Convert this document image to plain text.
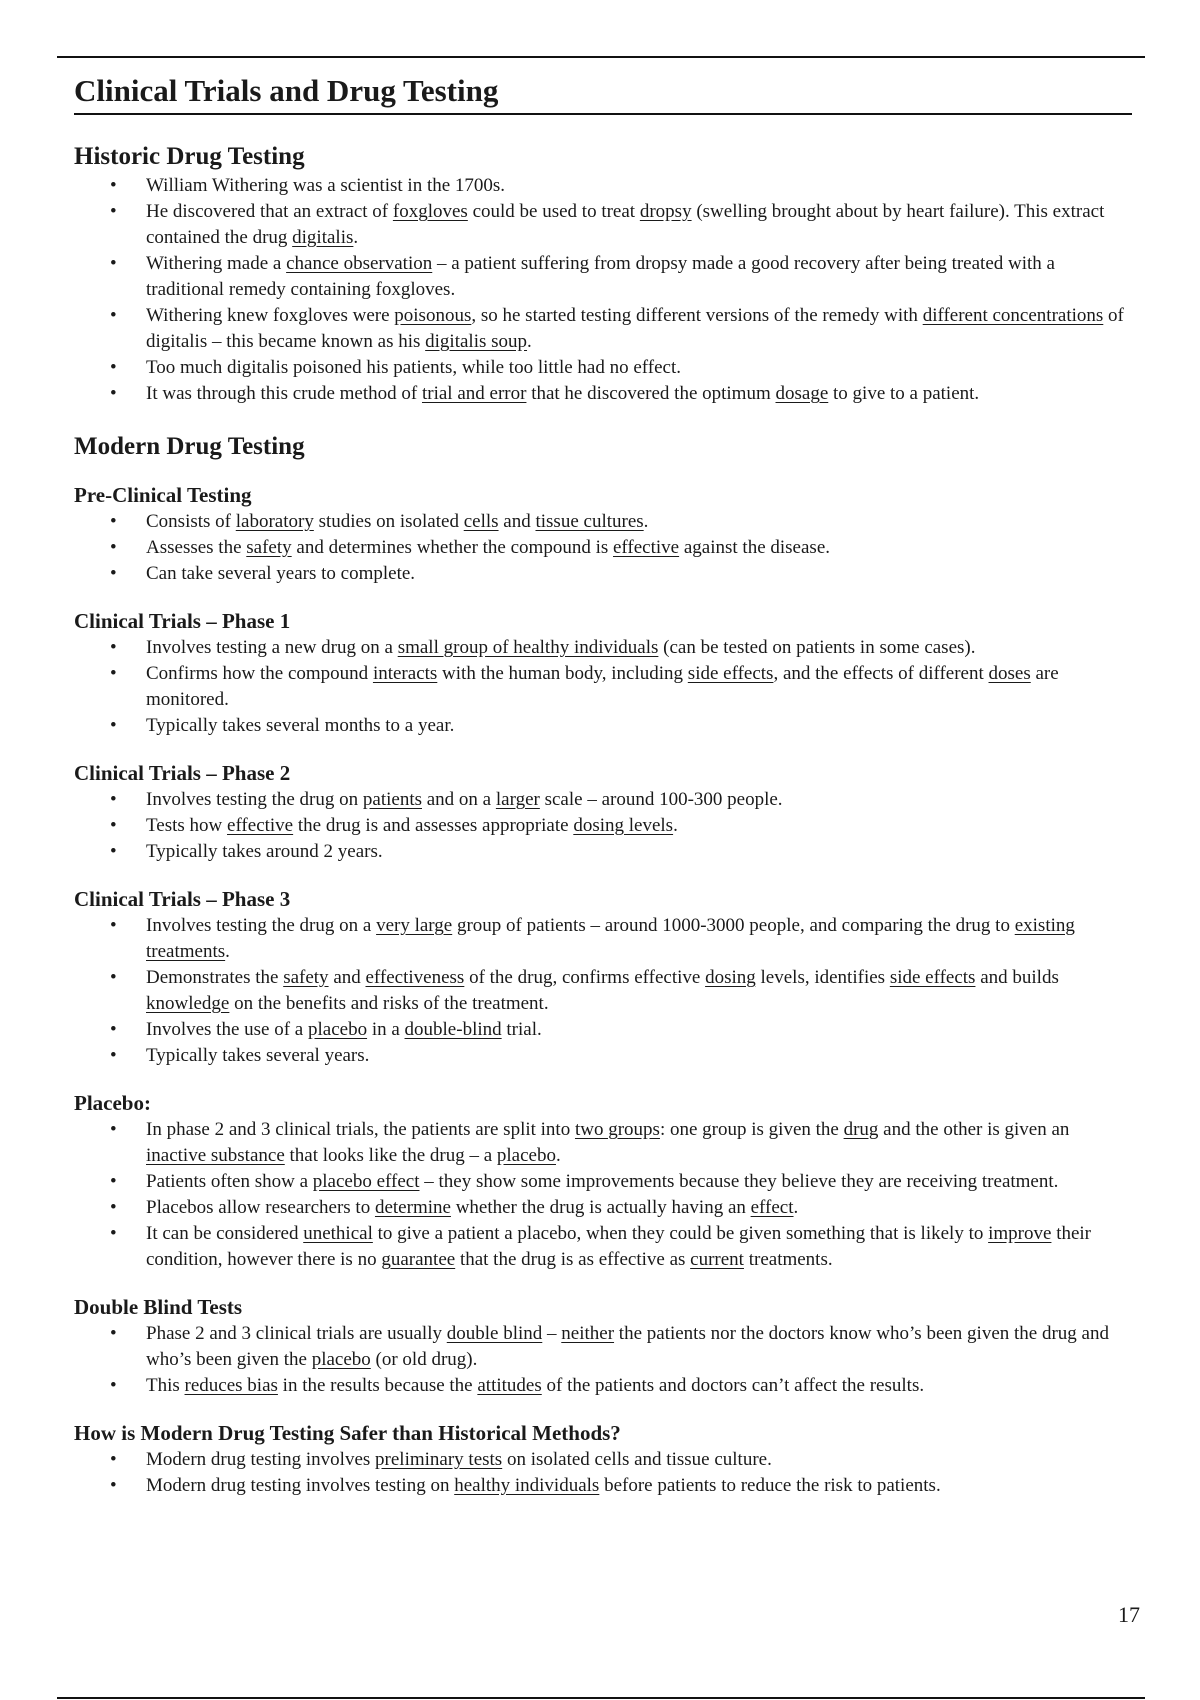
Clinical Trials and Drug Testing
Historic Drug Testing
• William Withering was a scientist in the 1700s.
• He discovered that an extract of foxgloves could be used to treat dropsy (swelling brought about by heart failure). This extract contained the drug digitalis.
• Withering made a chance observation – a patient suffering from dropsy made a good recovery after being treated with a traditional remedy containing foxgloves.
• Withering knew foxgloves were poisonous, so he started testing different versions of the remedy with different concentrations of digitalis – this became known as his digitalis soup.
• Too much digitalis poisoned his patients, while too little had no effect.
• It was through this crude method of trial and error that he discovered the optimum dosage to give to a patient.
Modern Drug Testing
Pre-Clinical Testing
• Consists of laboratory studies on isolated cells and tissue cultures.
• Assesses the safety and determines whether the compound is effective against the disease.
• Can take several years to complete.
Clinical Trials – Phase 1
• Involves testing a new drug on a small group of healthy individuals (can be tested on patients in some cases).
• Confirms how the compound interacts with the human body, including side effects, and the effects of different doses are monitored.
• Typically takes several months to a year.
Clinical Trials – Phase 2
• Involves testing the drug on patients and on a larger scale – around 100-300 people.
• Tests how effective the drug is and assesses appropriate dosing levels.
• Typically takes around 2 years.
Clinical Trials – Phase 3
• Involves testing the drug on a very large group of patients – around 1000-3000 people, and comparing the drug to existing treatments.
• Demonstrates the safety and effectiveness of the drug, confirms effective dosing levels, identifies side effects and builds knowledge on the benefits and risks of the treatment.
• Involves the use of a placebo in a double-blind trial.
• Typically takes several years.
Placebo:
• In phase 2 and 3 clinical trials, the patients are split into two groups: one group is given the drug and the other is given an inactive substance that looks like the drug – a placebo.
• Patients often show a placebo effect – they show some improvements because they believe they are receiving treatment.
• Placebos allow researchers to determine whether the drug is actually having an effect.
• It can be considered unethical to give a patient a placebo, when they could be given something that is likely to improve their condition, however there is no guarantee that the drug is as effective as current treatments.
Double Blind Tests
• Phase 2 and 3 clinical trials are usually double blind – neither the patients nor the doctors know who’s been given the drug and who’s been given the placebo (or old drug).
• This reduces bias in the results because the attitudes of the patients and doctors can’t affect the results.
How is Modern Drug Testing Safer than Historical Methods?
• Modern drug testing involves preliminary tests on isolated cells and tissue culture.
• Modern drug testing involves testing on healthy individuals before patients to reduce the risk to patients.
17
